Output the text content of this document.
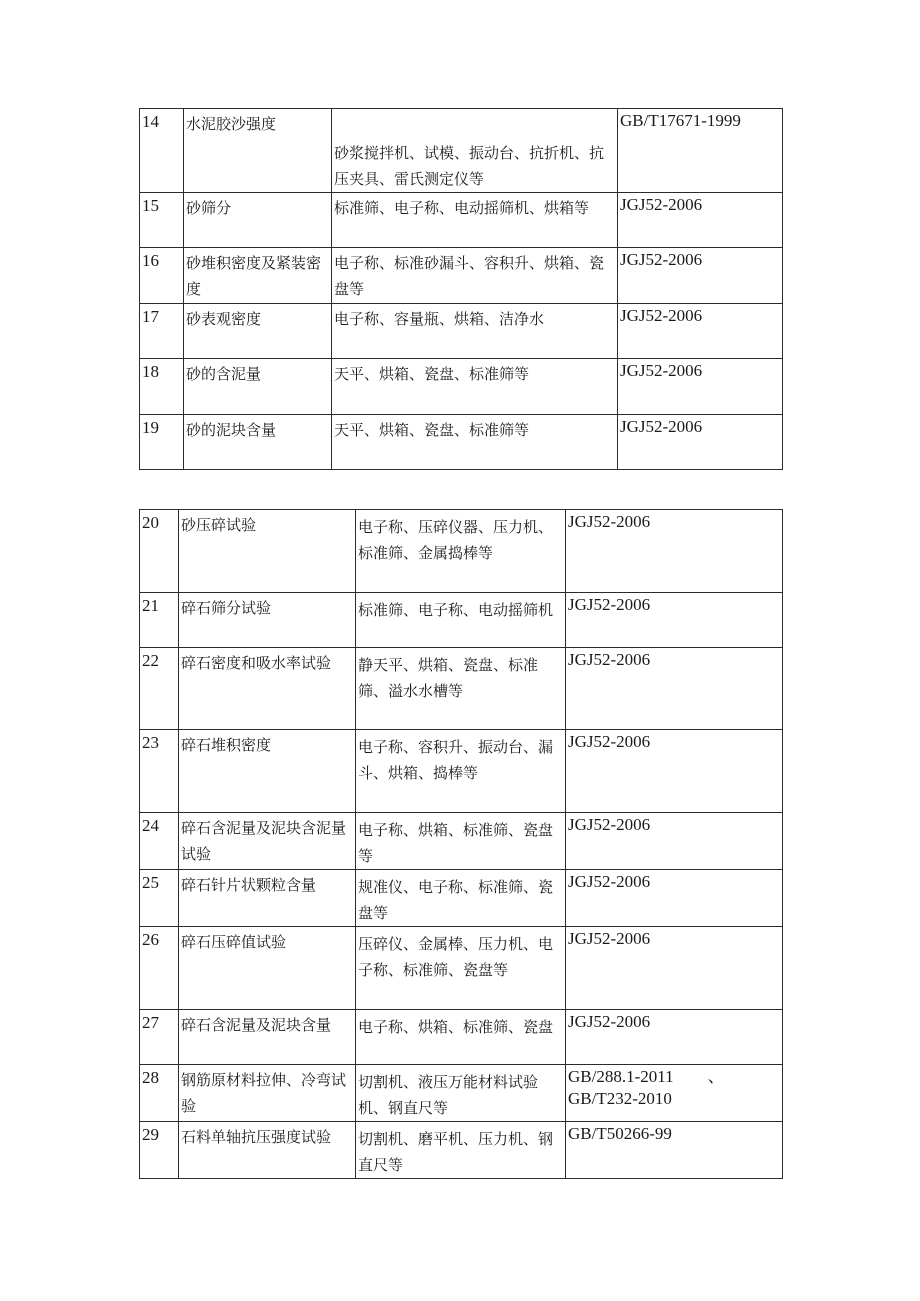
14	水泥胶沙强度	砂浆搅拌机、试模、振动台、抗折机、抗压夹具、雷氏测定仪等	GB/T17671-1999
15	砂筛分	标准筛、电子称、电动摇筛机、烘箱等	JGJ52-2006
16	砂堆积密度及紧装密度	电子称、标准砂漏斗、容积升、烘箱、瓷盘等	JGJ52-2006
17	砂表观密度	电子称、容量瓶、烘箱、洁净水	JGJ52-2006
18	砂的含泥量	天平、烘箱、瓷盘、标准筛等	JGJ52-2006
19	砂的泥块含量	天平、烘箱、瓷盘、标准筛等	JGJ52-2006
20	砂压碎试验	电子称、压碎仪器、压力机、标准筛、金属捣棒等	JGJ52-2006
21	碎石筛分试验	标准筛、电子称、电动摇筛机	JGJ52-2006
22	碎石密度和吸水率试验	静天平、烘箱、瓷盘、标准筛、溢水水槽等	JGJ52-2006
23	碎石堆积密度	电子称、容积升、振动台、漏斗、烘箱、捣棒等	JGJ52-2006
24	碎石含泥量及泥块含泥量试验	电子称、烘箱、标准筛、瓷盘等	JGJ52-2006
25	碎石针片状颗粒含量	规准仪、电子称、标准筛、瓷盘等	JGJ52-2006
26	碎石压碎值试验	压碎仪、金属棒、压力机、电子称、标准筛、瓷盘等	JGJ52-2006
27	碎石含泥量及泥块含量	电子称、烘箱、标准筛、瓷盘	JGJ52-2006
28	钢筋原材料拉伸、冷弯试验	切割机、液压万能材料试验机、钢直尺等	GB/288.1-2011        、GB/T232-2010
29	石料单轴抗压强度试验	切割机、磨平机、压力机、钢直尺等	GB/T50266-99
